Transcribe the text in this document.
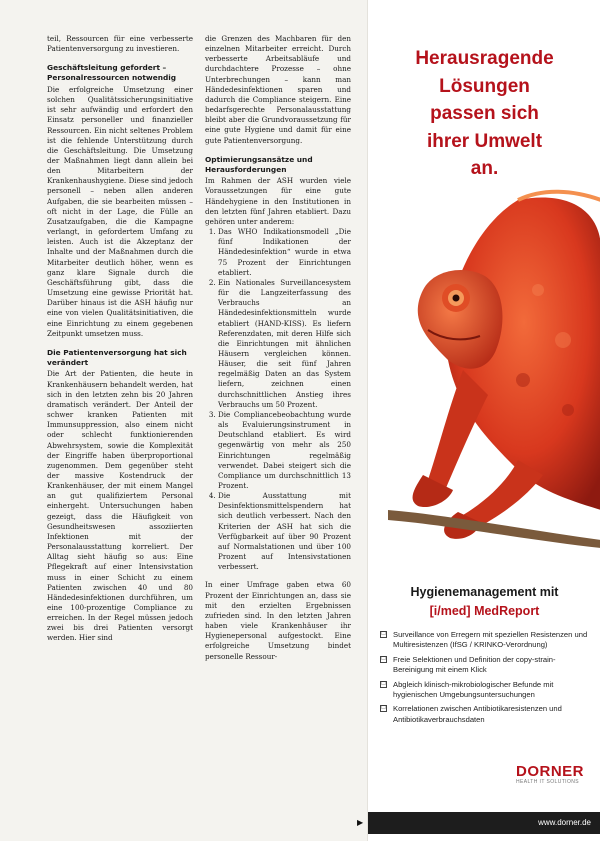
teil, Ressourcen für eine verbesserte Patientenversorgung zu investieren.

Geschäftsleitung gefordert – Personalressourcen notwendig

Die erfolgreiche Umsetzung einer solchen Qualitätssicherungsinitiative ist sehr aufwändig und erfordert den Einsatz personeller und finanzieller Ressourcen. Ein nicht seltenes Problem ist die fehlende Unterstützung durch die Geschäftsleitung. Die Umsetzung der Maßnahmen liegt dann allein bei den Mitarbeitern der Krankenhaushygiene. Diese sind jedoch personell – neben allen anderen Aufgaben, die sie bearbeiten müssen – oft nicht in der Lage, die Fülle an Zusatzaufgaben, die die Kampagne verlangt, in gefordertem Umfang zu leisten. Auch ist die Akzeptanz der Inhalte und der Maßnahmen durch die Mitarbeiter deutlich höher, wenn es ganz klare Signale durch die Geschäftsführung gibt, dass die Umsetzung eine gewisse Priorität hat. Darüber hinaus ist die ASH häufig nur eine von vielen Qualitätsinitiativen, die eine Einrichtung zu einem gegebenen Zeitpunkt umsetzen muss.

Die Patientenversorgung hat sich verändert

Die Art der Patienten, die heute in Krankenhäusern behandelt werden, hat sich in den letzten zehn bis 20 Jahren dramatisch verändert. Der Anteil der schwer kranken Patienten mit Immunsuppression, also einem nicht oder schlecht funktionierenden Abwehrsystem, sowie die Komplexität der Eingriffe haben überproportional zugenommen. Dem gegenüber steht der massive Kostendruck der Krankenhäuser, der mit einem Mangel an gut qualifiziertem Personal einhergeht. Untersuchungen haben gezeigt, dass die Häufigkeit von Gesundheitswesen assoziierten Infektionen mit der Personalausstattung korreliert. Der Alltag sieht häufig so aus: Eine Pflegekraft auf einer Intensivstation muss in einer Schicht zu einem Patienten zwischen 40 und 80 Händedesinfektionen durchführen, um eine 100-prozentige Compliance zu erreichen. In der Regel müssen jedoch zwei bis drei Patienten versorgt werden. Hier sind

die Grenzen des Machbaren für den einzelnen Mitarbeiter erreicht. Durch verbesserte Arbeitsabläufe und durchdachtere Prozesse – ohne Unterbrechungen – kann man Händedesinfektionen sparen und dadurch die Compliance steigern. Eine bedarfsgerechte Personalausstattung bleibt aber die Grundvoraussetzung für eine gute Hygiene und damit für eine gute Patientenversorgung.

Optimierungsansätze und Herausforderungen

Im Rahmen der ASH wurden viele Voraussetzungen für eine gute Händehygiene in den Institutionen in den letzten fünf Jahren etabliert. Dazu gehören unter anderem:

1. Das WHO Indikationsmodell „Die fünf Indikationen der Händedesinfektion“ wurde in etwa 75 Prozent der Einrichtungen etabliert.
2. Ein Nationales Surveillancesystem für die Langzeiterfassung des Verbrauchs an Händedesinfektionsmitteln wurde etabliert (HAND-KISS). Es liefern Referenzdaten, mit deren Hilfe sich die Einrichtungen mit ähnlichen Häusern vergleichen können. Häuser, die seit fünf Jahren regelmäßig Daten an das System liefern, zeichnen einen durchschnittlichen Anstieg ihres Verbrauchs um 50 Prozent.
3. Die Compliancebeobachtung wurde als Evaluierungsinstrument in Deutschland etabliert. Es wird gegenwärtig von mehr als 250 Einrichtungen regelmäßig verwendet. Dabei steigert sich die Compliance um durchschnittlich 13 Prozent.
4. Die Ausstattung mit Desinfektionsmittelspendern hat sich deutlich verbessert. Nach den Kriterien der ASH hat sich die Verfügbarkeit auf über 90 Prozent auf Normalstationen und über 100 Prozent auf Intensivstationen verbessert.

In einer Umfrage gaben etwa 60 Prozent der Einrichtungen an, dass sie mit den erzielten Ergebnissen zufrieden sind. In den letzten Jahren haben viele Krankenhäuser ihr Hygienepersonal aufgestockt. Eine erfolgreiche Umsetzung bindet personelle Ressour-

▶
Herausragende
Lösungen
passen sich
ihrer Umwelt
an.
Hygienemanagement mit
[i/med] MedReport
□ Surveillance von Erregern mit speziellen Resistenzen und Multiresistenzen (IfSG / KRINKO-Verordnung)
□ Freie Selektionen und Definition der copy-strain-Bereinigung mit einem Klick
□ Abgleich klinisch-mikrobiologischer Befunde mit hygienischen Umgebungsuntersuchungen
□ Korrelationen zwischen Antibiotikaresistenzen und Antibiotikaverbrauchsdaten
DORNER
HEALTH IT SOLUTIONS
www.dorner.de
